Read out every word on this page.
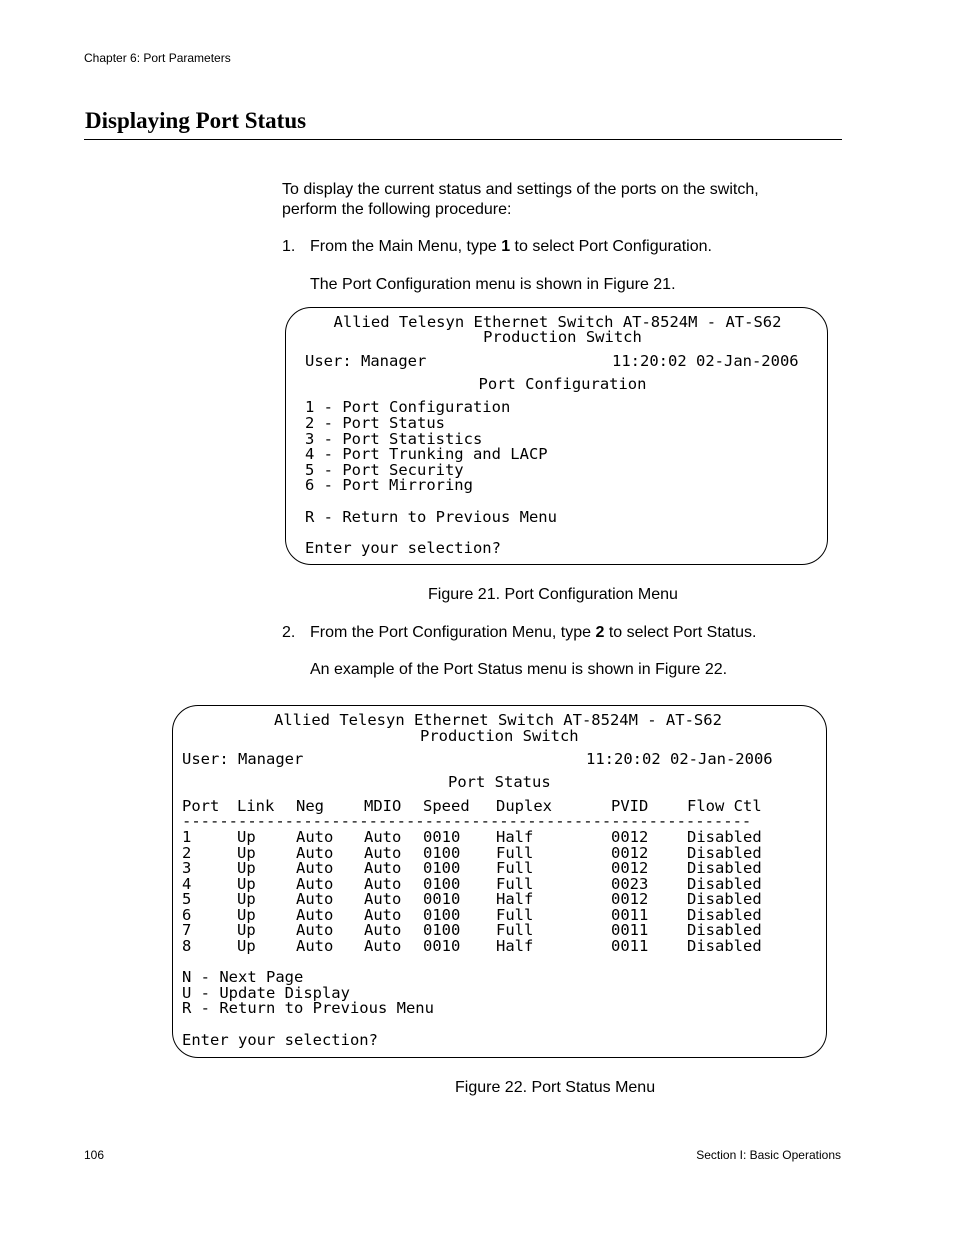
Chapter 6: Port Parameters
Displaying Port Status
To display the current status and settings of the ports on the switch,
perform the following procedure:
1. From the Main Menu, type 1 to select Port Configuration.
The Port Configuration menu is shown in Figure 21.
Allied Telesyn Ethernet Switch AT-8524M - AT-S62
Production Switch
User: Manager	11:20:02 02-Jan-2006
Port Configuration
1 - Port Configuration
2 - Port Status
3 - Port Statistics
4 - Port Trunking and LACP
5 - Port Security
6 - Port Mirroring
R - Return to Previous Menu
Enter your selection?
Figure 21. Port Configuration Menu
2. From the Port Configuration Menu, type 2 to select Port Status.
An example of the Port Status menu is shown in Figure 22.
Allied Telesyn Ethernet Switch AT-8524M - AT-S62
Production Switch
User: Manager	11:20:02 02-Jan-2006
Port Status
Port Link Neg	MDIO Speed Duplex	PVID Flow Ctl
-------------------------------------------------------------
1	Up	Auto Auto 0010 Half	0012 Disabled
2	Up	Auto Auto 0100 Full	0012 Disabled
3	Up	Auto Auto 0100 Full	0012 Disabled
4	Up	Auto Auto 0100 Full	0023 Disabled
5	Up	Auto Auto 0010 Half	0012 Disabled
6	Up	Auto Auto 0100 Full	0011 Disabled
7	Up	Auto Auto 0100 Full	0011 Disabled
8	Up	Auto Auto 0010 Half	0011 Disabled
N - Next Page
U - Update Display
R - Return to Previous Menu
Enter your selection?
Figure 22. Port Status Menu
106	Section I: Basic Operations
